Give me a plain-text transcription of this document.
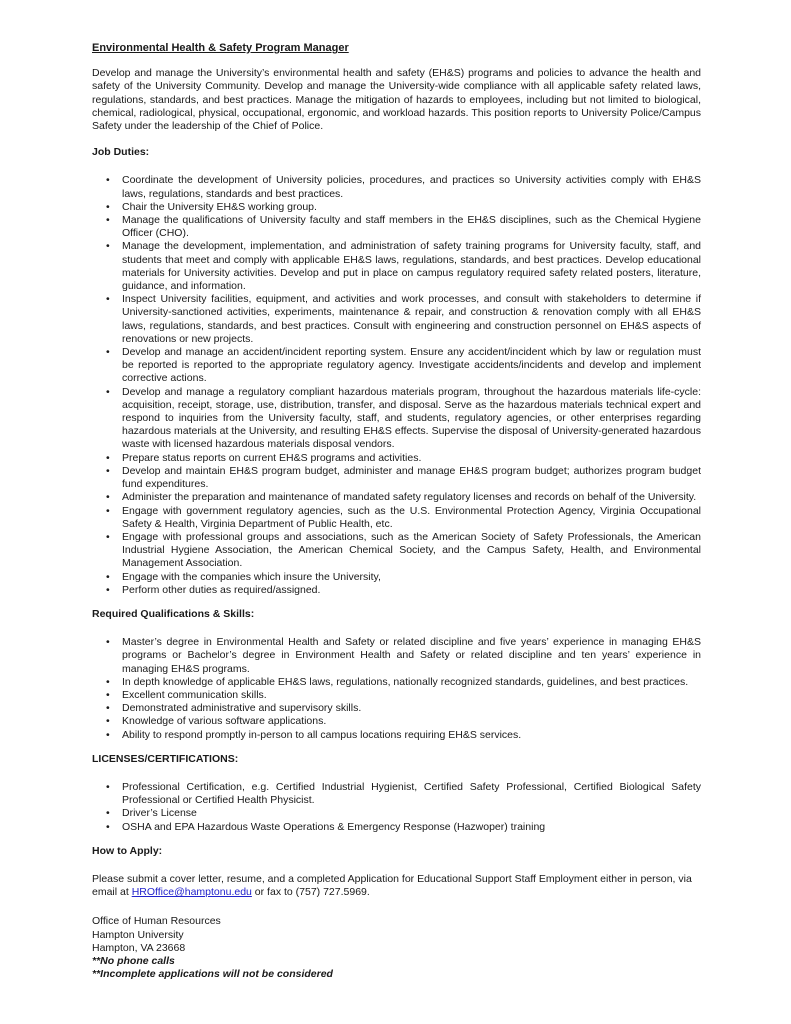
Environmental Health & Safety Program Manager

Develop and manage the University’s environmental health and safety (EH&S) programs and policies to advance the health and safety of the University Community. Develop and manage the University-wide compliance with all applicable safety related laws, regulations, standards, and best practices. Manage the mitigation of hazards to employees, including but not limited to biological, chemical, radiological, physical, occupational, ergonomic, and workload hazards. This position reports to University Police/Campus Safety under the leadership of the Chief of Police.

Job Duties:
• Coordinate the development of University policies, procedures, and practices so University activities comply with EH&S laws, regulations, standards and best practices.
• Chair the University EH&S working group.
• Manage the qualifications of University faculty and staff members in the EH&S disciplines, such as the Chemical Hygiene Officer (CHO).
• Manage the development, implementation, and administration of safety training programs for University faculty, staff, and students that meet and comply with applicable EH&S laws, regulations, standards, and best practices. Develop educational materials for University activities. Develop and put in place on campus regulatory required safety related posters, literature, guidance, and information.
• Inspect University facilities, equipment, and activities and work processes, and consult with stakeholders to determine if University-sanctioned activities, experiments, maintenance & repair, and construction & renovation comply with all EH&S laws, regulations, standards, and best practices. Consult with engineering and construction personnel on EH&S aspects of renovations or new projects.
• Develop and manage an accident/incident reporting system. Ensure any accident/incident which by law or regulation must be reported is reported to the appropriate regulatory agency. Investigate accidents/incidents and develop and implement corrective actions.
• Develop and manage a regulatory compliant hazardous materials program, throughout the hazardous materials life-cycle: acquisition, receipt, storage, use, distribution, transfer, and disposal. Serve as the hazardous materials technical expert and respond to inquiries from the University faculty, staff, and students, regulatory agencies, or other enterprises regarding hazardous materials at the University, and resulting EH&S effects. Supervise the disposal of University-generated hazardous waste with licensed hazardous materials disposal vendors.
• Prepare status reports on current EH&S programs and activities.
• Develop and maintain EH&S program budget, administer and manage EH&S program budget; authorizes program budget fund expenditures.
• Administer the preparation and maintenance of mandated safety regulatory licenses and records on behalf of the University.
• Engage with government regulatory agencies, such as the U.S. Environmental Protection Agency, Virginia Occupational Safety & Health, Virginia Department of Public Health, etc.
• Engage with professional groups and associations, such as the American Society of Safety Professionals, the American Industrial Hygiene Association, the American Chemical Society, and the Campus Safety, Health, and Environmental Management Association.
• Engage with the companies which insure the University,
• Perform other duties as required/assigned.
Required Qualifications & Skills:
• Master’s degree in Environmental Health and Safety or related discipline and five years’ experience in managing EH&S programs or Bachelor’s degree in Environment Health and Safety or related discipline and ten years’ experience in managing EH&S programs.
• In depth knowledge of applicable EH&S laws, regulations, nationally recognized standards, guidelines, and best practices.
• Excellent communication skills.
• Demonstrated administrative and supervisory skills.
• Knowledge of various software applications.
• Ability to respond promptly in-person to all campus locations requiring EH&S services.
LICENSES/CERTIFICATIONS:
• Professional Certification, e.g. Certified Industrial Hygienist, Certified Safety Professional, Certified Biological Safety Professional or Certified Health Physicist.
• Driver’s License
• OSHA and EPA Hazardous Waste Operations & Emergency Response (Hazwoper) training
How to Apply:

Please submit a cover letter, resume, and a completed Application for Educational Support Staff Employment either in person, via email at HROffice@hamptonu.edu or fax to (757) 727.5969.

Office of Human Resources
Hampton University
Hampton, VA 23668
**No phone calls
**Incomplete applications will not be considered
